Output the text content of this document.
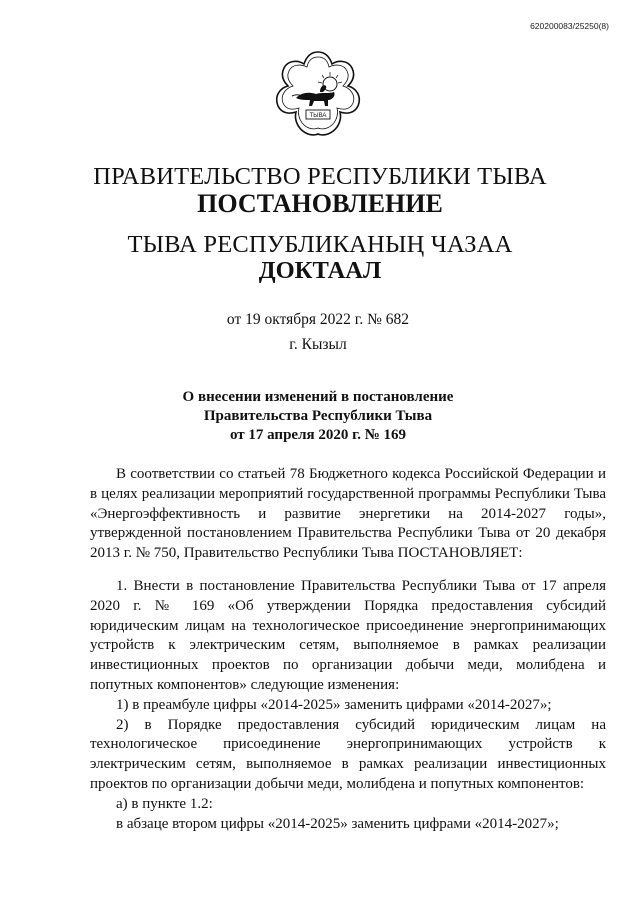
620200083/25250(8)
ТЫВА
ПРАВИТЕЛЬСТВО РЕСПУБЛИКИ ТЫВА
ПОСТАНОВЛЕНИЕ
ТЫВА РЕСПУБЛИКАНЫҢ ЧАЗАА
ДОКТААЛ
от 19 октября 2022 г. № 682
г. Кызыл
О внесении изменений в постановление
Правительства Республики Тыва
от 17 апреля 2020 г. № 169

В соответствии со статьей 78 Бюджетного кодекса Российской Федерации и в целях реализации мероприятий государственной программы Республики Тыва «Энергоэффективность и развитие энергетики на 2014-2027 годы», утвержденной постановлением Правительства Республики Тыва от 20 декабря 2013 г. № 750, Правительство Республики Тыва ПОСТАНОВЛЯЕТ:

1. Внести в постановление Правительства Республики Тыва от 17 апреля 2020 г. № 169 «Об утверждении Порядка предоставления субсидий юридическим лицам на технологическое присоединение энергопринимающих устройств к электрическим сетям, выполняемое в рамках реализации инвестиционных проектов по организации добычи меди, молибдена и попутных компонентов» следующие изменения:

1) в преамбуле цифры «2014-2025» заменить цифрами «2014-2027»;

2) в Порядке предоставления субсидий юридическим лицам на технологическое присоединение энергопринимающих устройств к электрическим сетям, выполняемое в рамках реализации инвестиционных проектов по организации добычи меди, молибдена и попутных компонентов:

а) в пункте 1.2:

в абзаце втором цифры «2014-2025» заменить цифрами «2014-2027»;
